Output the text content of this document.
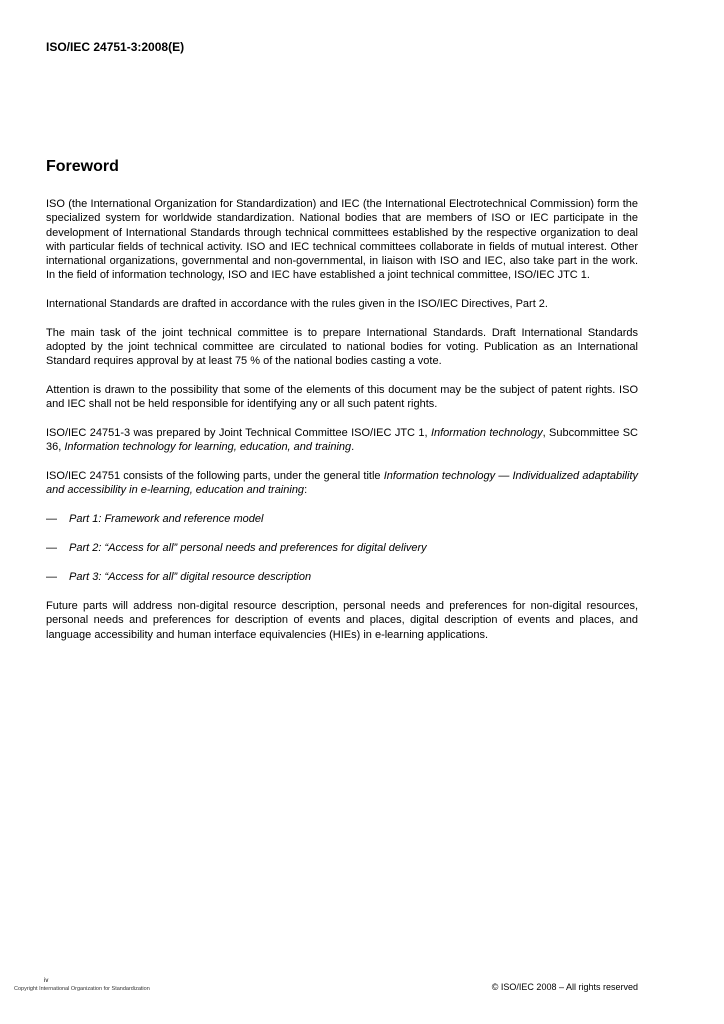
ISO/IEC 24751-3:2008(E)
Foreword

ISO (the International Organization for Standardization) and IEC (the International Electrotechnical Commission) form the specialized system for worldwide standardization. National bodies that are members of ISO or IEC participate in the development of International Standards through technical committees established by the respective organization to deal with particular fields of technical activity. ISO and IEC technical committees collaborate in fields of mutual interest. Other international organizations, governmental and non-governmental, in liaison with ISO and IEC, also take part in the work. In the field of information technology, ISO and IEC have established a joint technical committee, ISO/IEC JTC 1.

International Standards are drafted in accordance with the rules given in the ISO/IEC Directives, Part 2.

The main task of the joint technical committee is to prepare International Standards. Draft International Standards adopted by the joint technical committee are circulated to national bodies for voting. Publication as an International Standard requires approval by at least 75 % of the national bodies casting a vote.

Attention is drawn to the possibility that some of the elements of this document may be the subject of patent rights. ISO and IEC shall not be held responsible for identifying any or all such patent rights.

ISO/IEC 24751-3 was prepared by Joint Technical Committee ISO/IEC JTC 1, Information technology, Subcommittee SC 36, Information technology for learning, education, and training.

ISO/IEC 24751 consists of the following parts, under the general title Information technology — Individualized adaptability and accessibility in e-learning, education and training:

—	Part 1: Framework and reference model

—	Part 2: “Access for all” personal needs and preferences for digital delivery

—	Part 3: “Access for all” digital resource description

Future parts will address non-digital resource description, personal needs and preferences for non-digital resources, personal needs and preferences for description of events and places, digital description of events and places, and language accessibility and human interface equivalencies (HIEs) in e-learning applications.

iv
Copyright International Organization for Standardization	© ISO/IEC 2008 – All rights reserved
